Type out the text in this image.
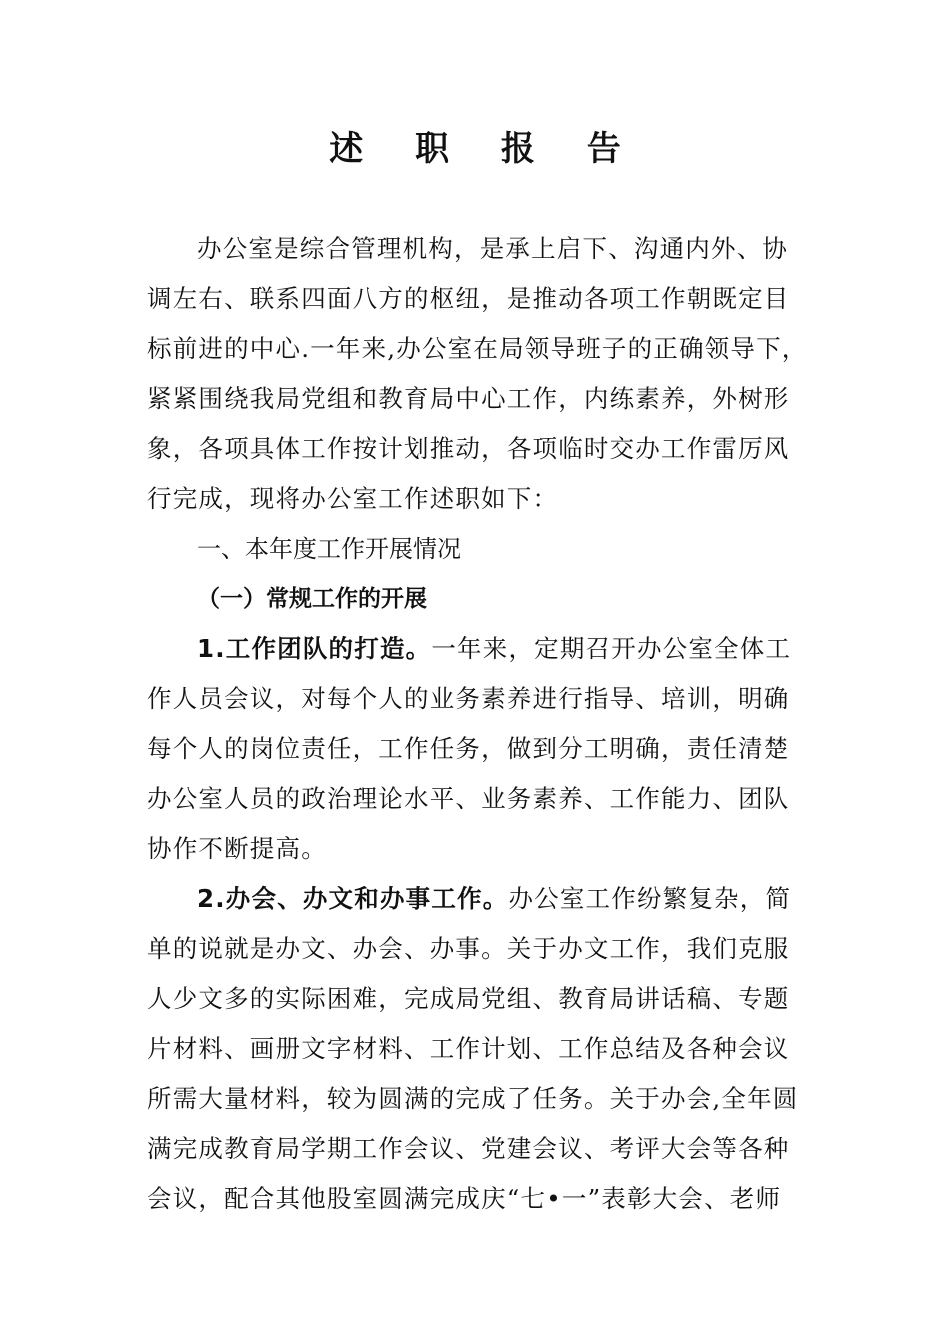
述 职 报 告
办公室是综合管理机构，是承上启下、沟通内外、协
调左右、联系四面八方的枢纽，是推动各项工作朝既定目
标前进的中心.一年来,办公室在局领导班子的正确领导下，
紧紧围绕我局党组和教育局中心工作，内练素养，外树形
象，各项具体工作按计划推动，各项临时交办工作雷厉风
行完成，现将办公室工作述职如下：
一、本年度工作开展情况
（一）常规工作的开展
1.工作团队的打造。一年来，定期召开办公室全体工
作人员会议，对每个人的业务素养进行指导、培训，明确
每个人的岗位责任，工作任务，做到分工明确，责任清楚
办公室人员的政治理论水平、业务素养、工作能力、团队
协作不断提高。
2.办会、办文和办事工作。办公室工作纷繁复杂，简
单的说就是办文、办会、办事。关于办文工作，我们克服
人少文多的实际困难，完成局党组、教育局讲话稿、专题
片材料、画册文字材料、工作计划、工作总结及各种会议
所需大量材料，较为圆满的完成了任务。关于办会,全年圆
满完成教育局学期工作会议、党建会议、考评大会等各种
会议，配合其他股室圆满完成庆“七•一”表彰大会、老师
